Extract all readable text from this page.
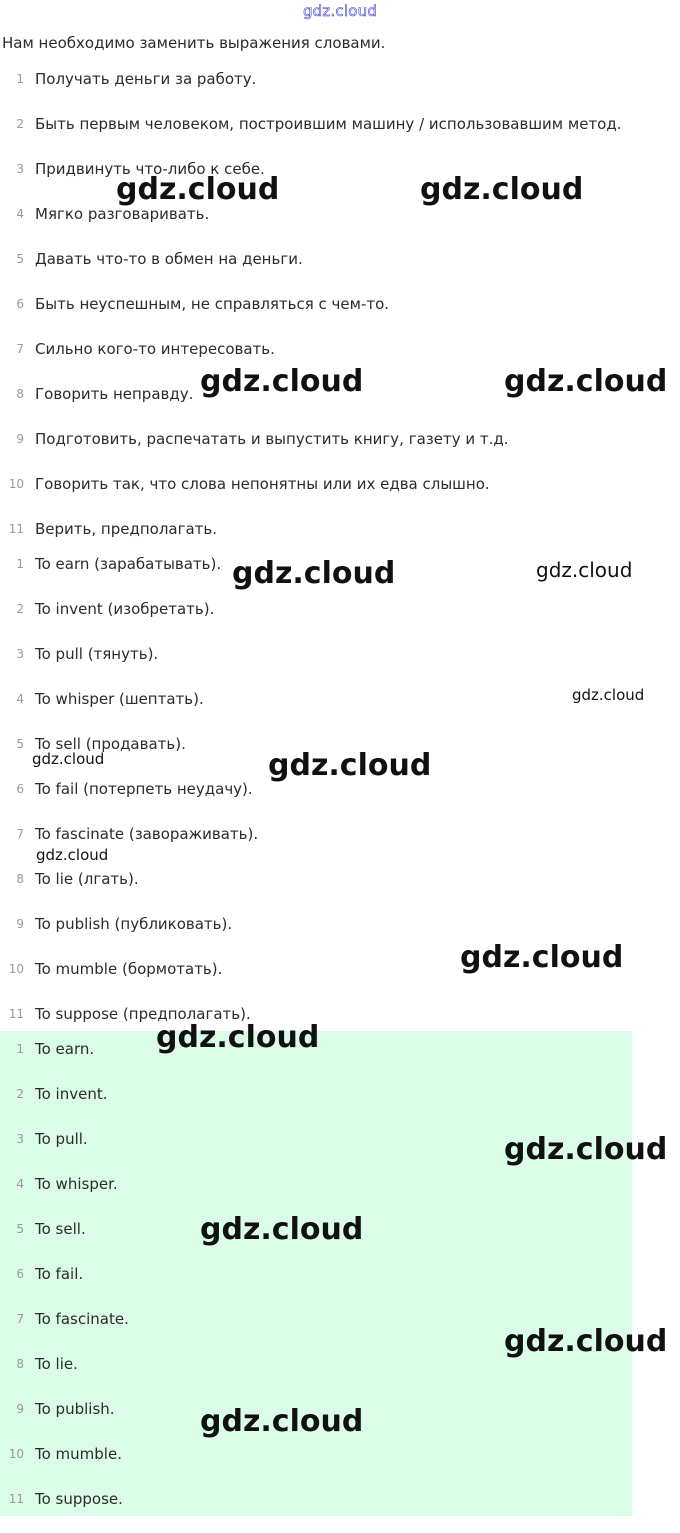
gdz.cloud
Нам необходимо заменить выражения словами.
1 Получать деньги за работу.
2 Быть первым человеком, построившим машину / использовавшим метод.
3 Придвинуть что-либо к себе.
4 Мягко разговаривать.
5 Давать что-то в обмен на деньги.
6 Быть неуспешным, не справляться с чем-то.
7 Сильно кого-то интересовать.
8 Говорить неправду.
9 Подготовить, распечатать и выпустить книгу, газету и т.д.
10 Говорить так, что слова непонятны или их едва слышно.
11 Верить, предполагать.
1 To earn (зарабатывать).
2 To invent (изобретать).
3 To pull (тянуть).
4 To whisper (шептать).
5 To sell (продавать).
6 To fail (потерпеть неудачу).
7 To fascinate (завораживать).
8 To lie (лгать).
9 To publish (публиковать).
10 To mumble (бормотать).
11 To suppose (предполагать).
1 To earn.
2 To invent.
3 To pull.
4 To whisper.
5 To sell.
6 To fail.
7 To fascinate.
8 To lie.
9 To publish.
10 To mumble.
11 To suppose.
gdz.cloud	gdz.cloud
gdz.cloud	gdz.cloud
gdz.cloud	gdz.cloud
gdz.cloud
gdz.cloud	gdz.cloud
gdz.cloud
gdz.cloud
gdz.cloud
gdz.cloud
gdz.cloud
gdz.cloud
gdz.cloud
